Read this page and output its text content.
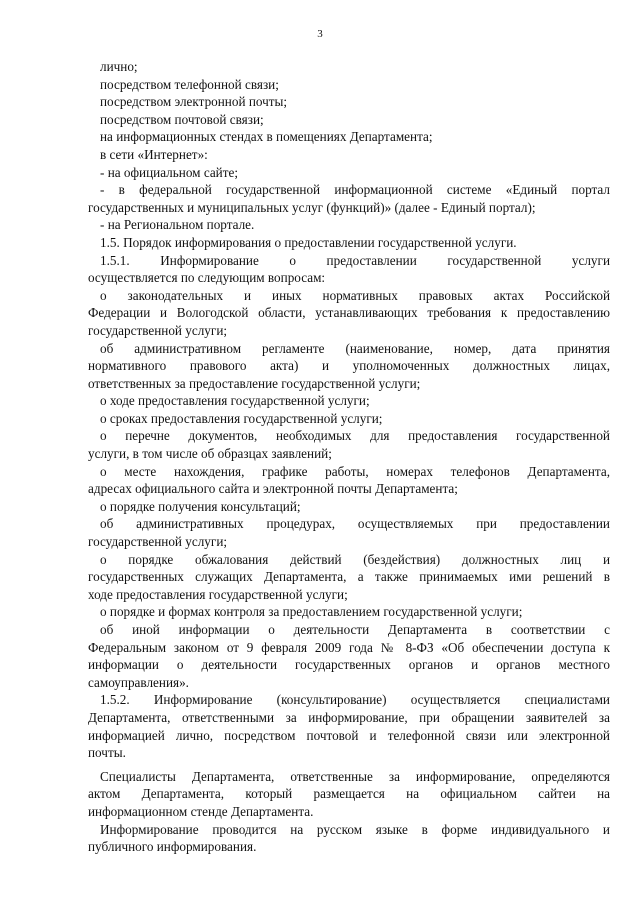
3
лично;
посредством телефонной связи;
посредством электронной почты;
посредством почтовой связи;
на информационных стендах в помещениях Департамента;
в сети «Интернет»:
- на официальном сайте;
- в федеральной государственной информационной системе «Единый портал
государственных и муниципальных услуг (функций)» (далее - Единый портал);
- на Региональном портале.
1.5. Порядок информирования о предоставлении государственной услуги.
1.5.1. Информирование о предоставлении государственной услуги
осуществляется по следующим вопросам:
о законодательных и иных нормативных правовых актах Российской
Федерации и Вологодской области, устанавливающих требования к предоставлению
государственной услуги;
об административном регламенте (наименование, номер, дата принятия
нормативного правового акта) и уполномоченных должностных лицах,
ответственных за предоставление государственной услуги;
о ходе предоставления государственной услуги;
о сроках предоставления государственной услуги;
о перечне документов, необходимых для предоставления государственной
услуги, в том числе об образцах заявлений;
о месте нахождения, графике работы, номерах телефонов Департамента,
адресах официального сайта и электронной почты Департамента;
о порядке получения консультаций;
об административных процедурах, осуществляемых при предоставлении
государственной услуги;
о порядке обжалования действий (бездействия) должностных лиц и
государственных служащих Департамента, а также принимаемых ими решений в
ходе предоставления государственной услуги;
о порядке и формах контроля за предоставлением государственной услуги;
об иной информации о деятельности Департамента в соответствии с
Федеральным законом от 9 февраля 2009 года № 8-ФЗ «Об обеспечении доступа к
информации о деятельности государственных органов и органов местного
самоуправления».
1.5.2. Информирование (консультирование) осуществляется специалистами
Департамента, ответственными за информирование, при обращении заявителей за
информацией лично, посредством почтовой и телефонной связи или электронной
почты.
Специалисты Департамента, ответственные за информирование, определяются
актом Департамента, который размещается на официальном сайтеи на
информационном стенде Департамента.
Информирование проводится на русском языке в форме индивидуального и
публичного информирования.
